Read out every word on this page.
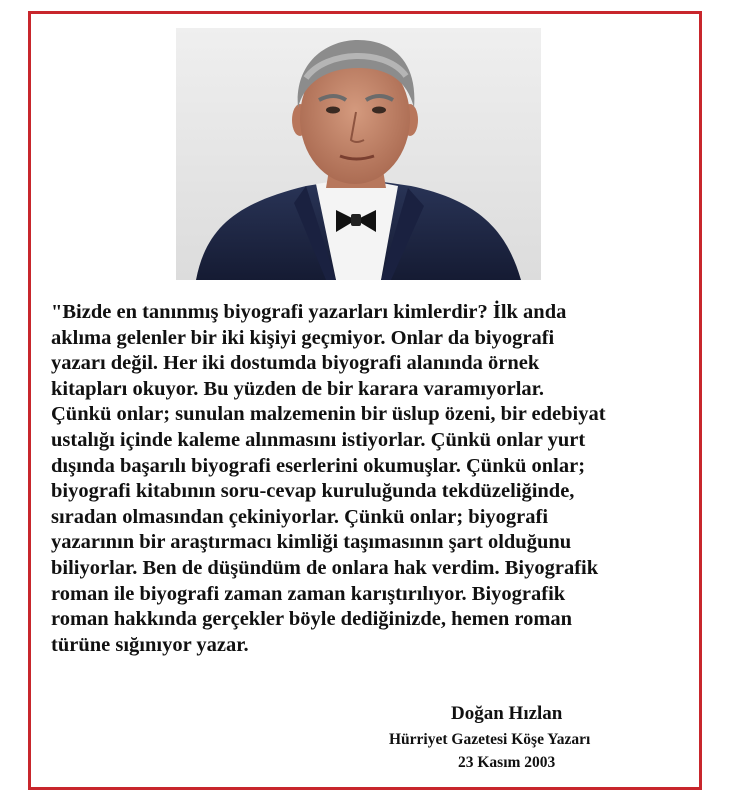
"Bizde en tanınmış biyografi yazarları kimlerdir? İlk anda
aklıma gelenler bir iki kişiyi geçmiyor. Onlar da biyografi
yazarı değil. Her iki dostumda biyografi alanında örnek
kitapları okuyor. Bu yüzden de bir karara varamıyorlar.
Çünkü onlar; sunulan malzemenin bir üslup özeni, bir edebiyat
ustalığı içinde kaleme alınmasını istiyorlar. Çünkü onlar yurt
dışında başarılı biyografi eserlerini okumuşlar. Çünkü onlar;
biyografi kitabının soru-cevap kuruluğunda tekdüzeliğinde,
sıradan olmasından çekiniyorlar. Çünkü onlar; biyografi
yazarının bir araştırmacı kimliği taşımasının şart olduğunu
biliyorlar. Ben de düşündüm de onlara hak verdim. Biyografik
roman ile biyografi zaman zaman karıştırılıyor. Biyografik
roman hakkında gerçekler böyle dediğinizde, hemen roman
türüne sığınıyor yazar.

Doğan Hızlan
Hürriyet Gazetesi Köşe Yazarı
23 Kasım 2003
